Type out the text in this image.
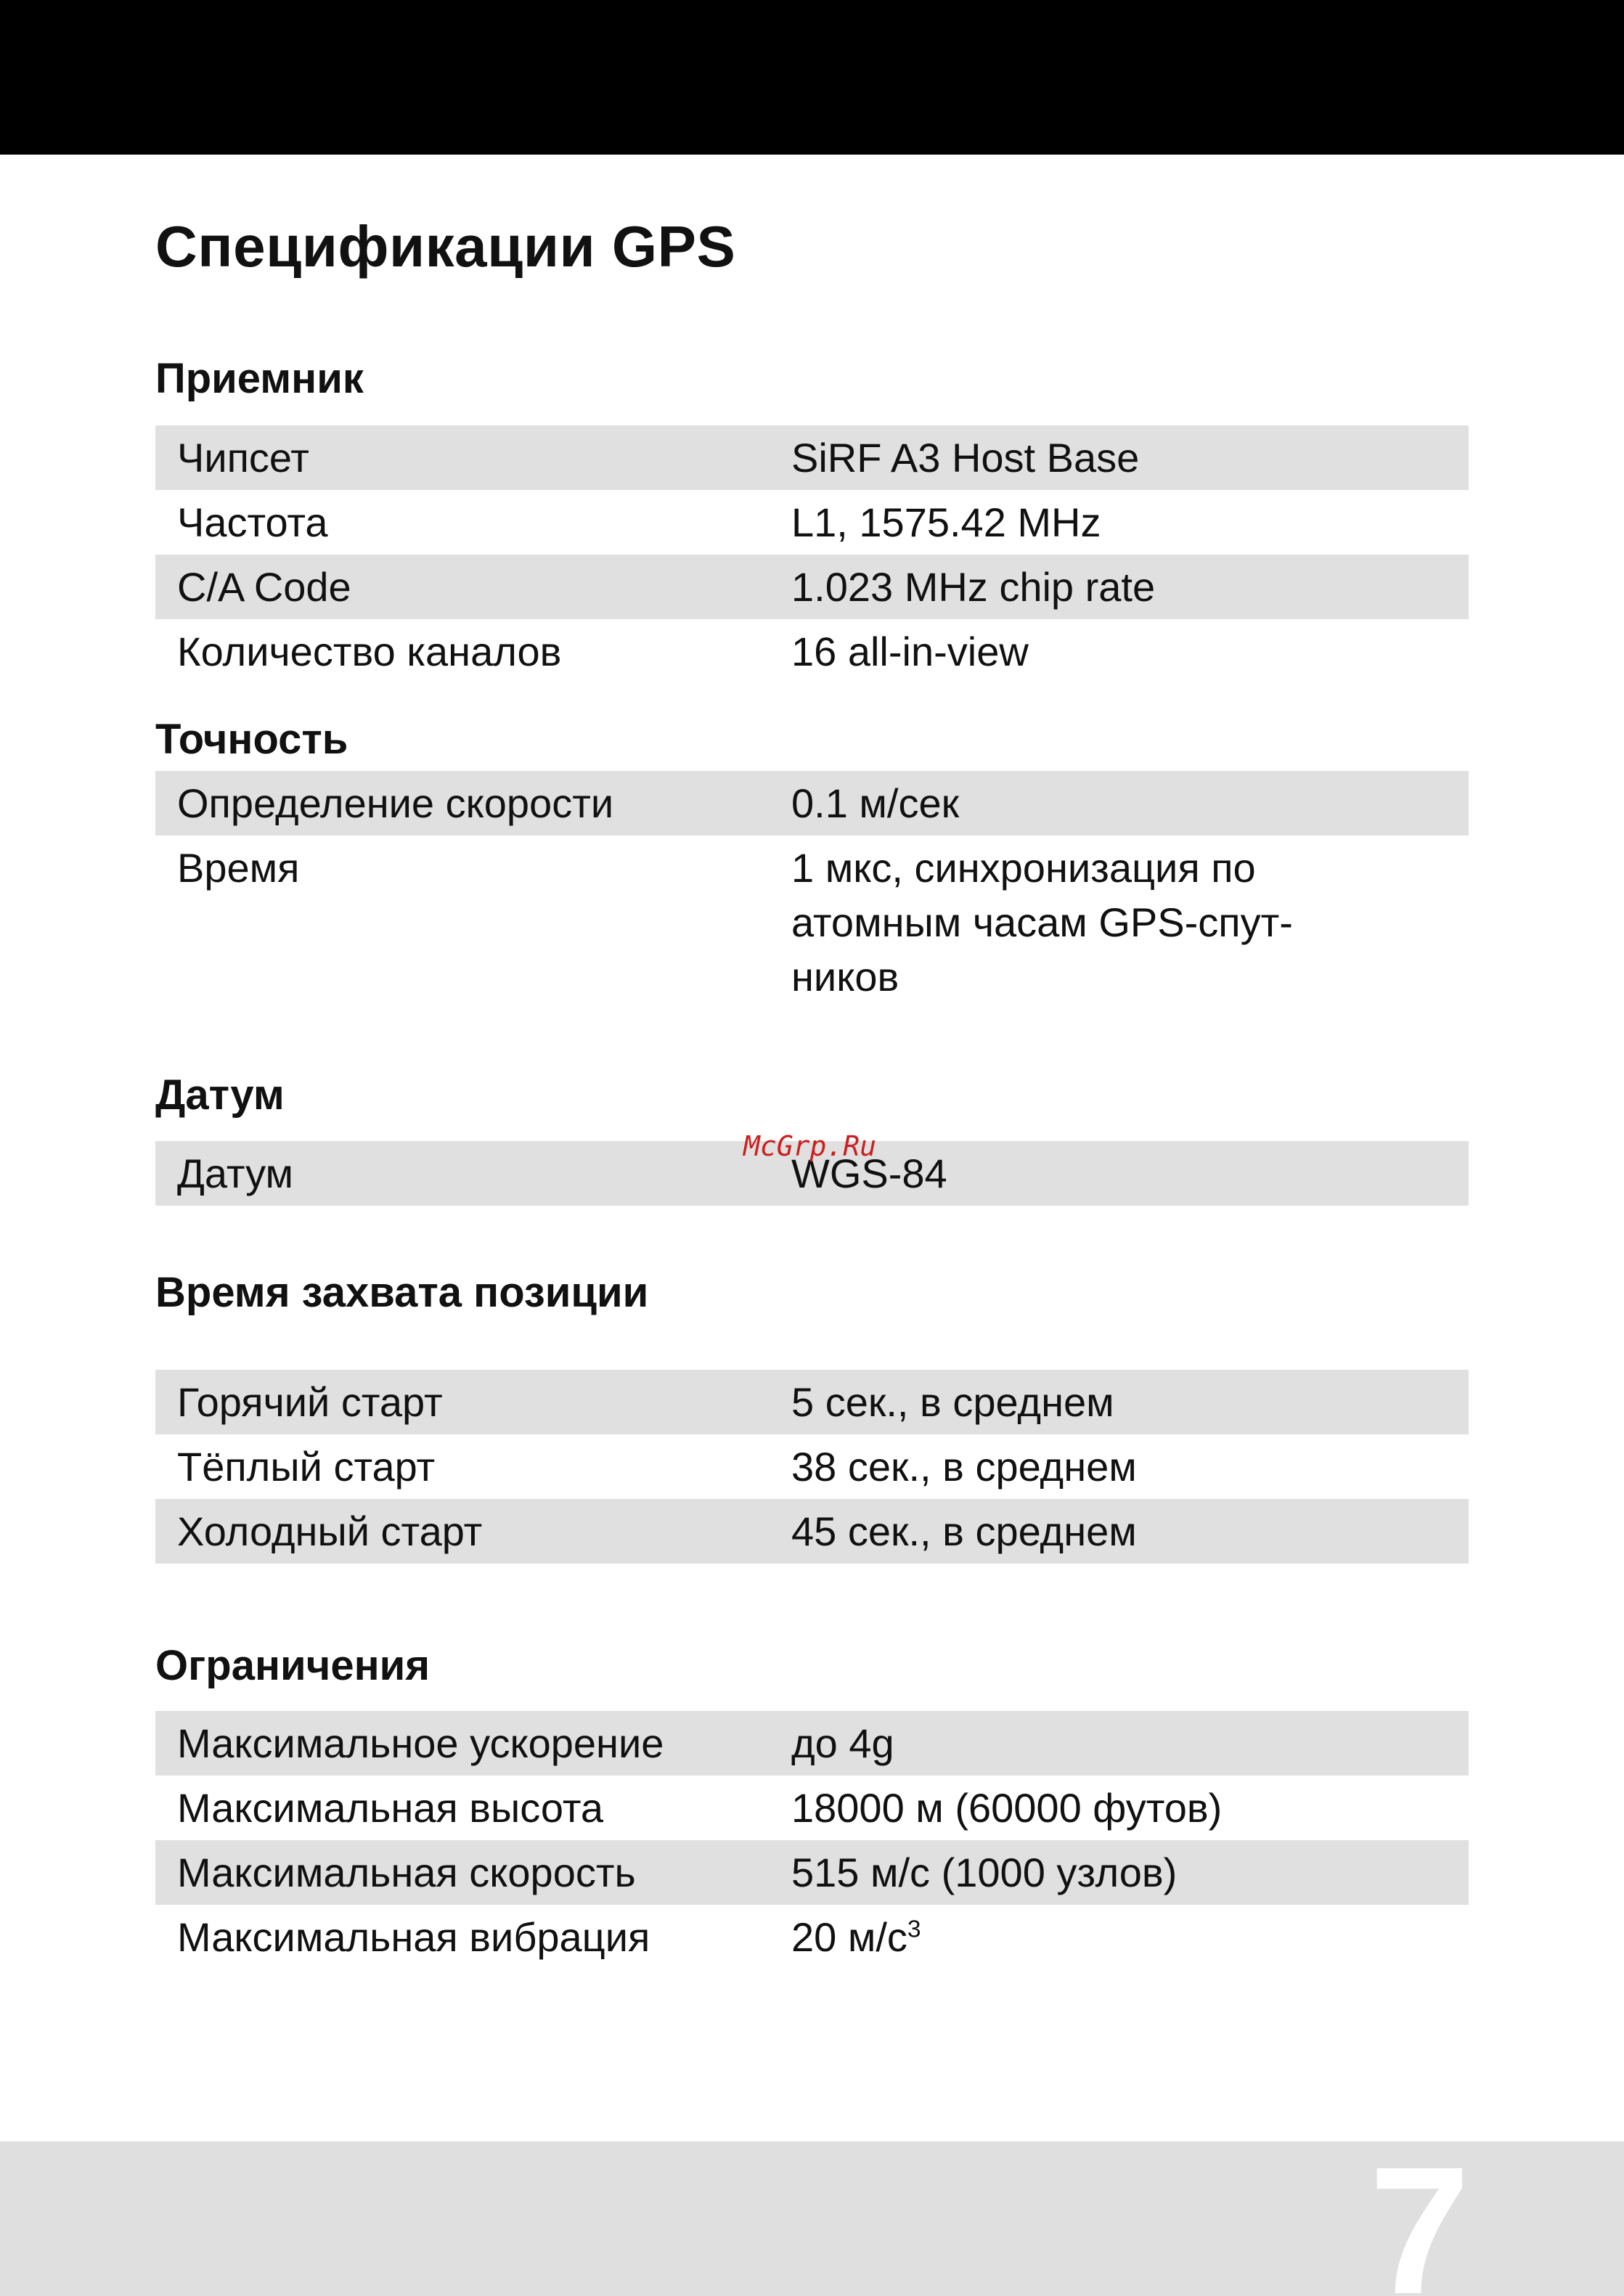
Спецификации GPS
Приемник
Чипсет	SiRF A3 Host Base
Частота	L1, 1575.42 MHz
C/A Code	1.023 MHz chip rate
Количество каналов	16 all-in-view
Точность
Определение скорости	0.1 м/сек
Время	1 мкс, синхронизация по
атомным часам GPS-спут-
ников
Датум
Датум	WGS-84
McGrp.Ru
Время захвата позиции
Горячий старт	5 сек., в среднем
Тёплый старт	38 сек., в среднем
Холодный старт	45 сек., в среднем
Ограничения
Максимальное ускорение	до 4g
Максимальная высота	18000 м (60000 футов)
Максимальная скорость	515 м/с (1000 узлов)
Максимальная вибрация	20 $м/с^3$
7
